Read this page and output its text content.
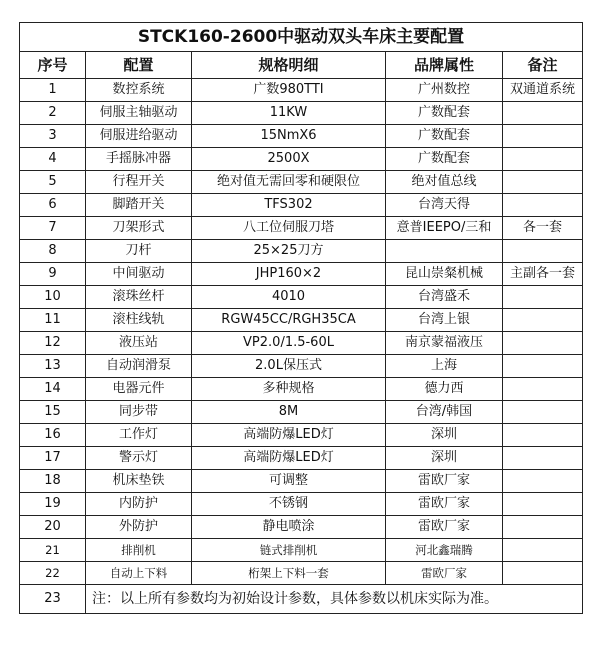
STCK160-2600中驱动双头车床主要配置				
序号	配置	规格明细	品牌属性	备注
1	数控系统	广数980TTI	广州数控	双通道系统
2	伺服主轴驱动	11KW	广数配套	
3	伺服进给驱动	15NmX6	广数配套	
4	手摇脉冲器	2500X	广数配套	
5	行程开关	绝对值无需回零和硬限位	绝对值总线	
6	脚踏开关	TFS302	台湾天得	
7	刀架形式	八工位伺服刀塔	意普IEEPO/三和	各一套
8	刀杆	25×25刀方		
9	中间驱动	JHP160×2	昆山崇粲机械	主副各一套
10	滚珠丝杆	4010	台湾盛禾	
11	滚柱线轨	RGW45CC/RGH35CA	台湾上银	
12	液压站	VP2.0/1.5-60L	南京蒙福液压	
13	自动润滑泵	2.0L保压式	上海	
14	电器元件	多种规格	德力西	
15	同步带	8M	台湾/韩国	
16	工作灯	高端防爆LED灯	深圳	
17	警示灯	高端防爆LED灯	深圳	
18	机床垫铁	可调整	雷欧厂家	
19	内防护	不锈钢	雷欧厂家	
20	外防护	静电喷涂	雷欧厂家	
21	排削机	链式排削机	河北鑫瑞腾	
22	自动上下料	桁架上下料一套	雷欧厂家	
23	注：以上所有参数均为初始设计参数，具体参数以机床实际为准。			
